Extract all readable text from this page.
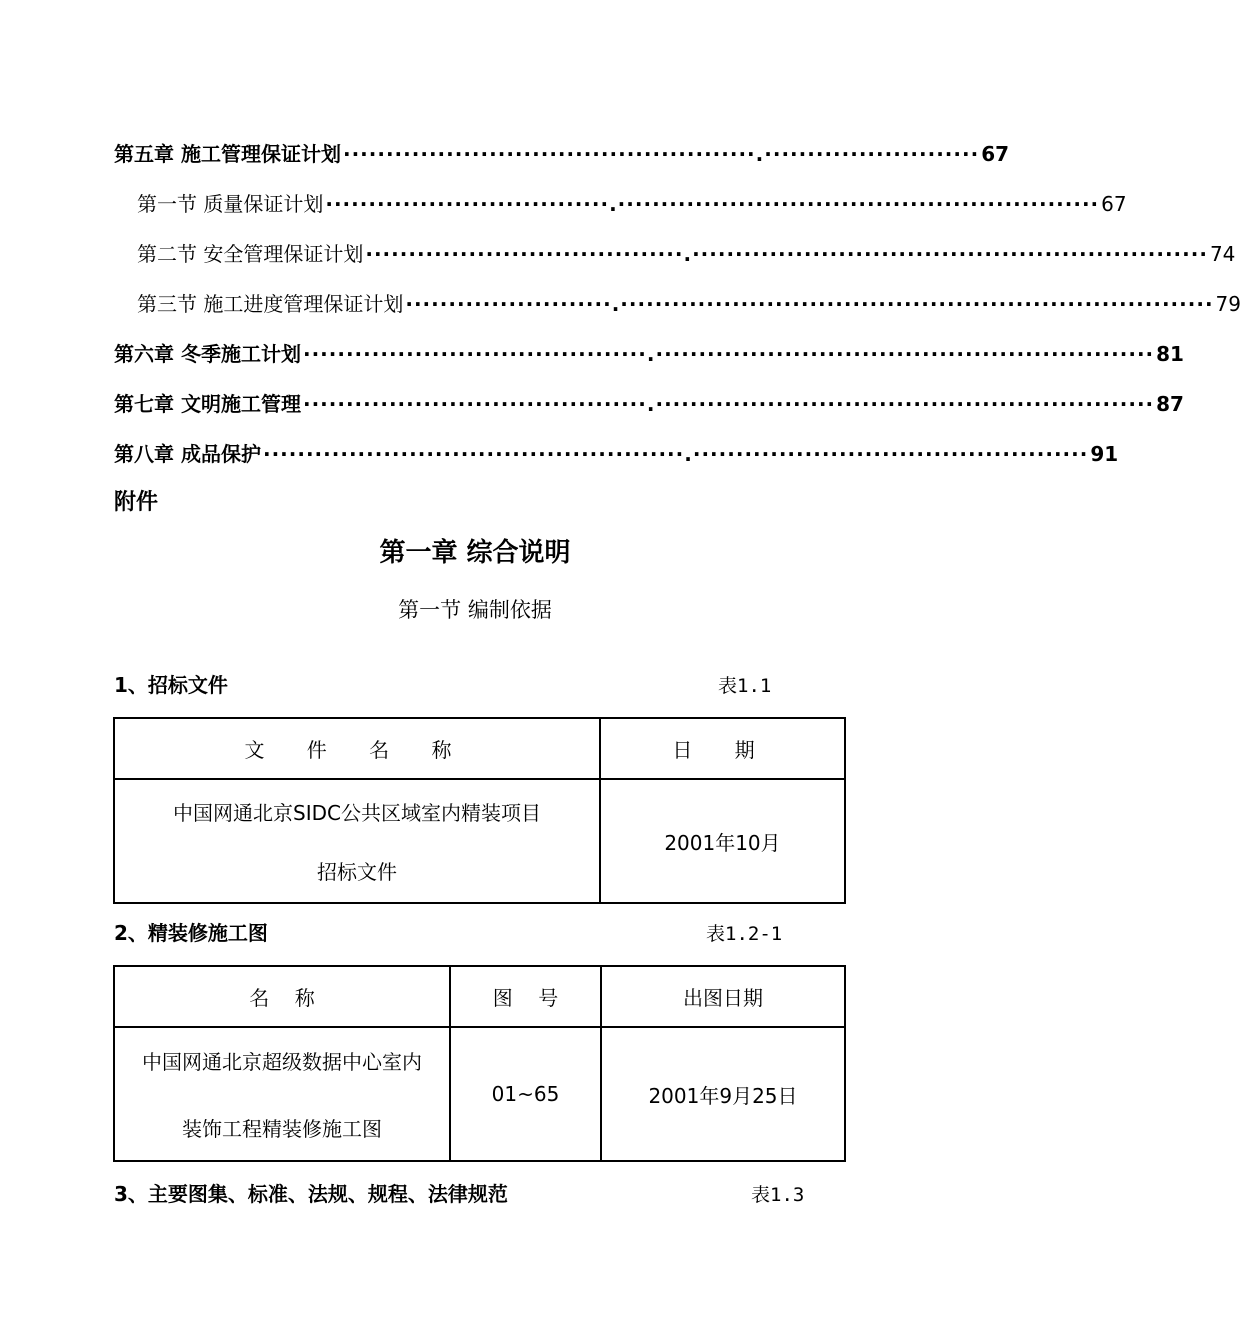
第五章 施工管理保证计划 ················································.························· 67
第一节 质量保证计划 ·································.························································ 67
第二节 安全管理保证计划 ·····································.···························································· 74
第三节 施工进度管理保证计划 ························.····································································· 79
第六章 冬季施工计划 ········································.·························································· 81
第七章 文明施工管理 ········································.·························································· 87
第八章 成品保护 ·················································.·············································· 91
附件
第一章 综合说明
第一节 编制依据
1、招标文件	表1.1
文 件 名 称	日 期

中国网通北京SIDC公共区域室内精装项目
招标文件	2001年10月
2、精装修施工图	表1.2-1
名    称	图    号	出图日期

中国网通北京超级数据中心室内
装饰工程精装修施工图	01~65	2001年9月25日
3、主要图集、标准、法规、规程、法律规范	表1.3
